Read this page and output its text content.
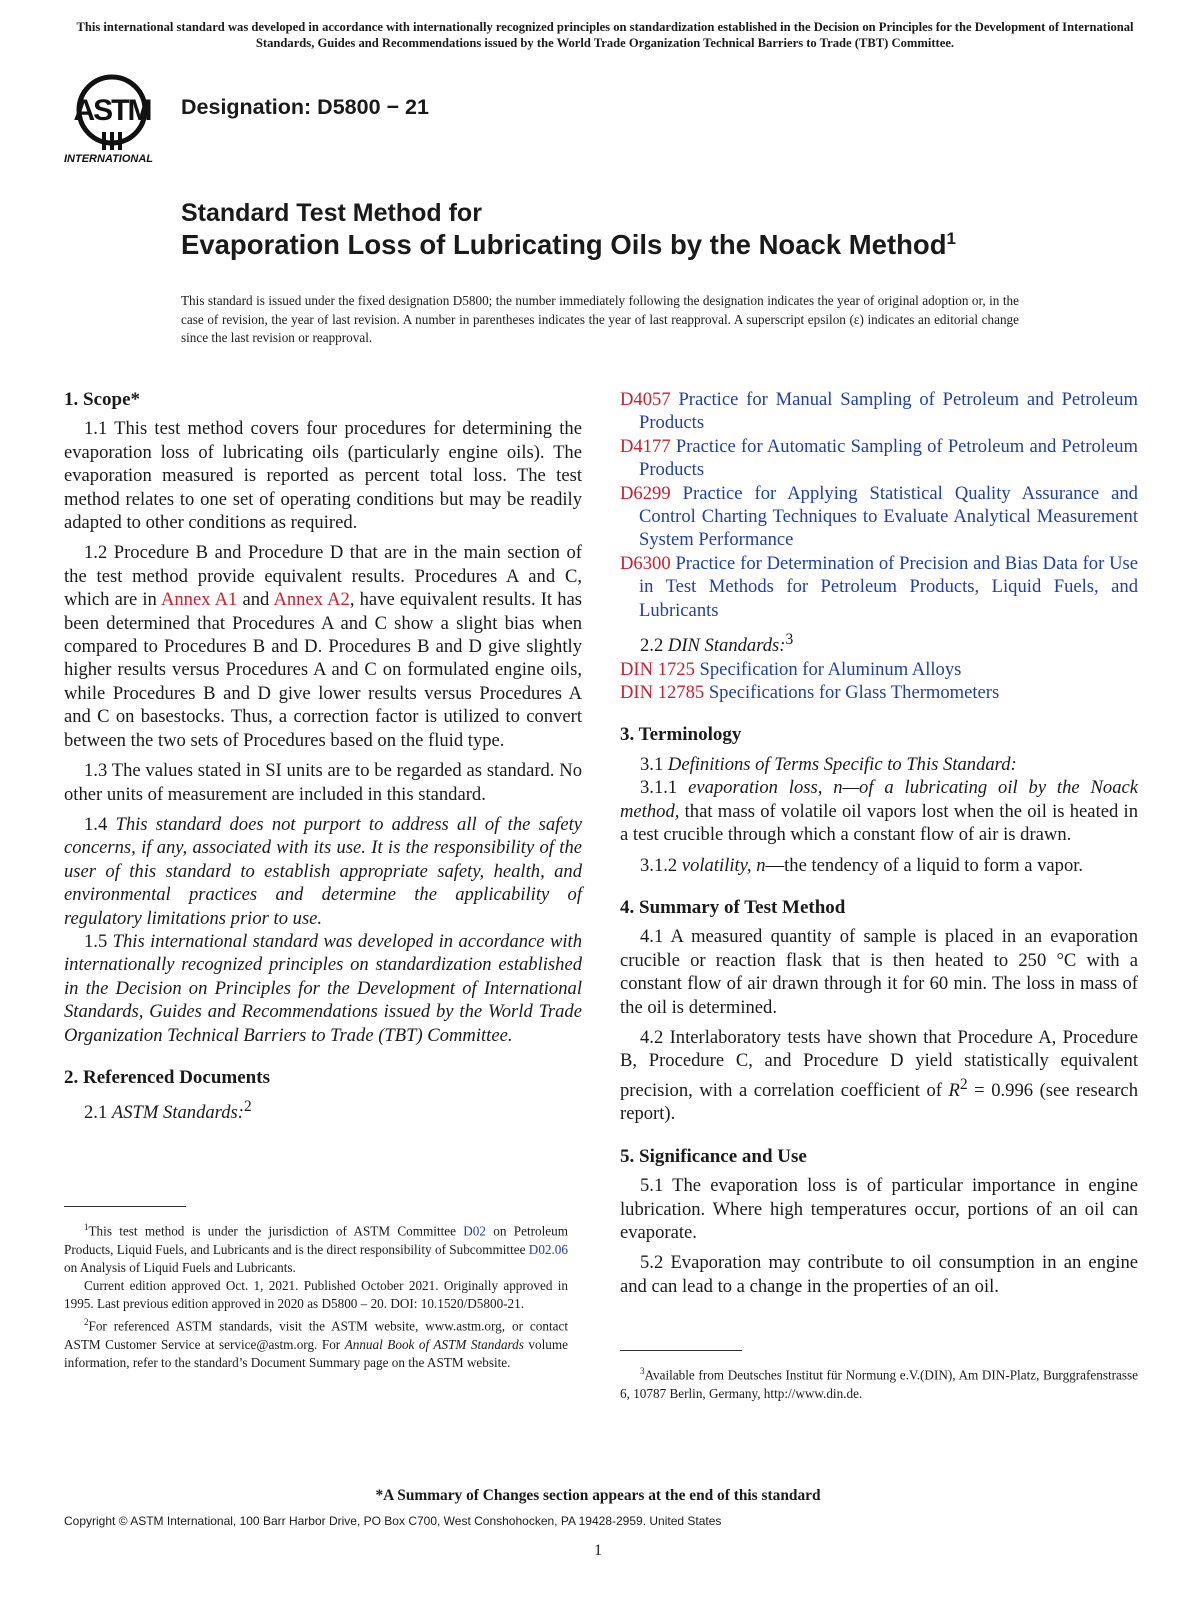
This international standard was developed in accordance with internationally recognized principles on standardization established in the Decision on Principles for the Development of International Standards, Guides and Recommendations issued by the World Trade Organization Technical Barriers to Trade (TBT) Committee.
ASTM
INTERNATIONAL
Designation: D5800 − 21
Standard Test Method for
Evaporation Loss of Lubricating Oils by the Noack Method$^1$
This standard is issued under the fixed designation D5800; the number immediately following the designation indicates the year of original adoption or, in the case of revision, the year of last revision. A number in parentheses indicates the year of last reapproval. A superscript epsilon (ε) indicates an editorial change since the last revision or reapproval.

1. Scope*

1.1 This test method covers four procedures for determining the evaporation loss of lubricating oils (particularly engine oils). The evaporation measured is reported as percent total loss. The test method relates to one set of operating conditions but may be readily adapted to other conditions as required.

1.2 Procedure B and Procedure D that are in the main section of the test method provide equivalent results. Procedures A and C, which are in Annex A1 and Annex A2, have equivalent results. It has been determined that Procedures A and C show a slight bias when compared to Procedures B and D. Procedures B and D give slightly higher results versus Procedures A and C on formulated engine oils, while Procedures B and D give lower results versus Procedures A and C on basestocks. Thus, a correction factor is utilized to convert between the two sets of Procedures based on the fluid type.

1.3 The values stated in SI units are to be regarded as standard. No other units of measurement are included in this standard.

1.4 This standard does not purport to address all of the safety concerns, if any, associated with its use. It is the responsibility of the user of this standard to establish appropriate safety, health, and environmental practices and determine the applicability of regulatory limitations prior to use.

1.5 This international standard was developed in accordance with internationally recognized principles on standardization established in the Decision on Principles for the Development of International Standards, Guides and Recommendations issued by the World Trade Organization Technical Barriers to Trade (TBT) Committee.

2. Referenced Documents

2.1 ASTM Standards:$^2$

$^1$This test method is under the jurisdiction of ASTM Committee D02 on Petroleum Products, Liquid Fuels, and Lubricants and is the direct responsibility of Subcommittee D02.06 on Analysis of Liquid Fuels and Lubricants.

Current edition approved Oct. 1, 2021. Published October 2021. Originally approved in 1995. Last previous edition approved in 2020 as D5800 – 20. DOI: 10.1520/D5800-21.

$^2$For referenced ASTM standards, visit the ASTM website, www.astm.org, or contact ASTM Customer Service at service@astm.org. For Annual Book of ASTM Standards volume information, refer to the standard’s Document Summary page on the ASTM website.

D4057 Practice for Manual Sampling of Petroleum and Petroleum Products
D4177 Practice for Automatic Sampling of Petroleum and Petroleum Products
D6299 Practice for Applying Statistical Quality Assurance and Control Charting Techniques to Evaluate Analytical Measurement System Performance
D6300 Practice for Determination of Precision and Bias Data for Use in Test Methods for Petroleum Products, Liquid Fuels, and Lubricants

2.2 DIN Standards:$^3$

DIN 1725 Specification for Aluminum Alloys
DIN 12785 Specifications for Glass Thermometers

3. Terminology

3.1 Definitions of Terms Specific to This Standard:

3.1.1 evaporation loss, n—of a lubricating oil by the Noack method, that mass of volatile oil vapors lost when the oil is heated in a test crucible through which a constant flow of air is drawn.

3.1.2 volatility, n—the tendency of a liquid to form a vapor.

4. Summary of Test Method

4.1 A measured quantity of sample is placed in an evaporation crucible or reaction flask that is then heated to 250 °C with a constant flow of air drawn through it for 60 min. The loss in mass of the oil is determined.

4.2 Interlaboratory tests have shown that Procedure A, Procedure B, Procedure C, and Procedure D yield statistically equivalent precision, with a correlation coefficient of $R^2 = 0.996$ (see research report).

5. Significance and Use

5.1 The evaporation loss is of particular importance in engine lubrication. Where high temperatures occur, portions of an oil can evaporate.

5.2 Evaporation may contribute to oil consumption in an engine and can lead to a change in the properties of an oil.

$^3$Available from Deutsches Institut für Normung e.V.(DIN), Am DIN-Platz, Burggrafenstrasse 6, 10787 Berlin, Germany, http://www.din.de.

*A Summary of Changes section appears at the end of this standard
Copyright © ASTM International, 100 Barr Harbor Drive, PO Box C700, West Conshohocken, PA 19428-2959. United States
1
